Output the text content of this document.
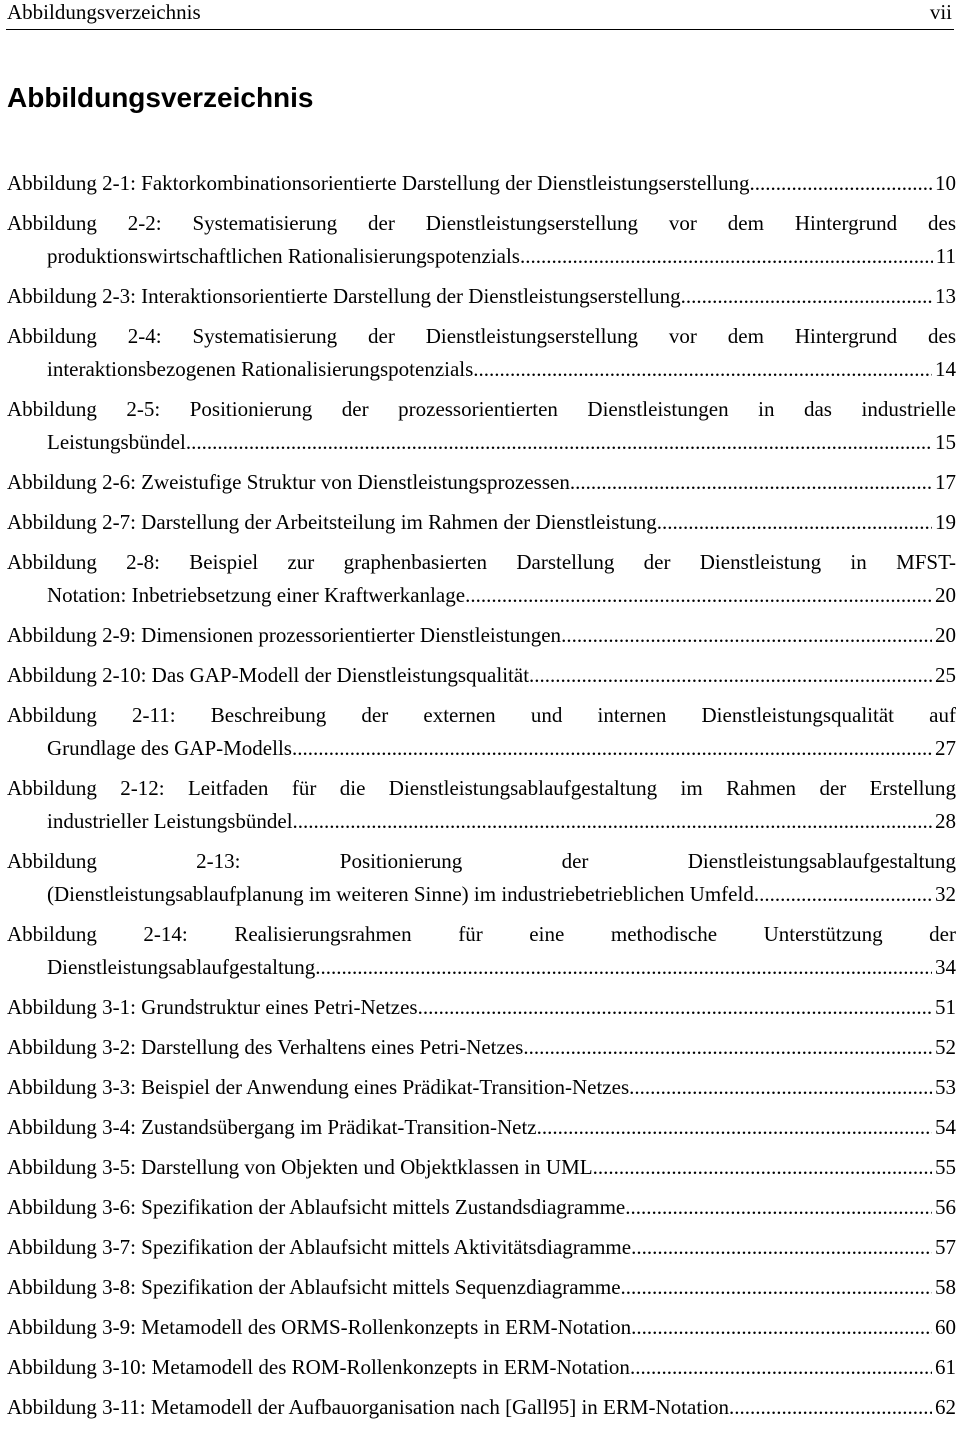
Abbildungsverzeichnis	vii
Abbildungsverzeichnis
Abbildung 2-1: Faktorkombinationsorientierte Darstellung der Dienstleistungserstellung .....	10
Abbildung 2-2: Systematisierung der Dienstleistungserstellung vor dem Hintergrund des
produktionswirtschaftlichen Rationalisierungspotenzials .....	11
Abbildung 2-3: Interaktionsorientierte Darstellung der Dienstleistungserstellung .....	13
Abbildung 2-4: Systematisierung der Dienstleistungserstellung vor dem Hintergrund des
interaktionsbezogenen Rationalisierungspotenzials .....	14
Abbildung 2-5: Positionierung der prozessorientierten Dienstleistungen in das industrielle
Leistungsbündel .....	15
Abbildung 2-6: Zweistufige Struktur von Dienstleistungsprozessen .....	17
Abbildung 2-7: Darstellung der Arbeitsteilung im Rahmen der Dienstleistung .....	19
Abbildung 2-8: Beispiel zur graphenbasierten Darstellung der Dienstleistung in MFST-
Notation: Inbetriebsetzung einer Kraftwerkanlage .....	20
Abbildung 2-9: Dimensionen prozessorientierter Dienstleistungen .....	20
Abbildung 2-10: Das GAP-Modell der Dienstleistungsqualität .....	25
Abbildung 2-11: Beschreibung der externen und internen Dienstleistungsqualität auf
Grundlage des GAP-Modells .....	27
Abbildung 2-12: Leitfaden für die Dienstleistungsablaufgestaltung im Rahmen der Erstellung
industrieller Leistungsbündel .....	28
Abbildung 2-13: Positionierung der Dienstleistungsablaufgestaltung
(Dienstleistungsablaufplanung im weiteren Sinne) im industriebetrieblichen Umfeld .....	32
Abbildung 2-14: Realisierungsrahmen für eine methodische Unterstützung der
Dienstleistungsablaufgestaltung .....	34
Abbildung 3-1: Grundstruktur eines Petri-Netzes .....	51
Abbildung 3-2: Darstellung des Verhaltens eines Petri-Netzes .....	52
Abbildung 3-3: Beispiel der Anwendung eines Prädikat-Transition-Netzes .....	53
Abbildung 3-4: Zustandsübergang im Prädikat-Transition-Netz .....	54
Abbildung 3-5: Darstellung von Objekten und Objektklassen in UML .....	55
Abbildung 3-6: Spezifikation der Ablaufsicht mittels Zustandsdiagramme .....	56
Abbildung 3-7: Spezifikation der Ablaufsicht mittels Aktivitätsdiagramme .....	57
Abbildung 3-8: Spezifikation der Ablaufsicht mittels Sequenzdiagramme .....	58
Abbildung 3-9: Metamodell des ORMS-Rollenkonzepts in ERM-Notation .....	60
Abbildung 3-10: Metamodell des ROM-Rollenkonzepts in ERM-Notation .....	61
Abbildung 3-11: Metamodell der Aufbauorganisation nach [Gall95] in ERM-Notation .....	62
